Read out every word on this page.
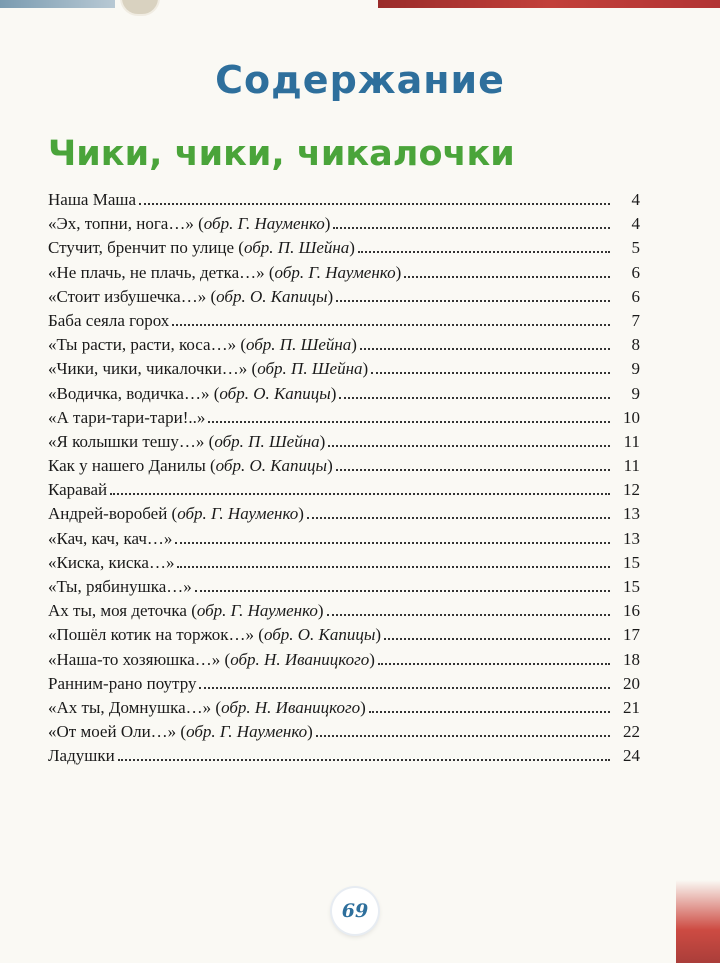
Содержание
Чики, чики, чикалочки
Наша Маша	4
«Эх, топни, нога…» ( обр. Г. Науменко )	4
Стучит, бренчит по улице ( обр. П. Шейна )	5
«Не плачь, не плачь, детка…» ( обр. Г. Науменко )	6
«Стоит избушечка…» ( обр. О. Капицы )	6
Баба сеяла горох	7
«Ты расти, расти, коса…» ( обр. П. Шейна )	8
«Чики, чики, чикалочки…» ( обр. П. Шейна )	9
«Водичка, водичка…» ( обр. О. Капицы )	9
«А тари-тари-тари!..»	10
«Я колышки тешу…» ( обр. П. Шейна )	11
Как у нашего Данилы ( обр. О. Капицы )	11
Каравай	12
Андрей-воробей ( обр. Г. Науменко )	13
«Кач, кач, кач…»	13
«Киска, киска…»	15
«Ты, рябинушка…»	15
Ах ты, моя деточка ( обр. Г. Науменко )	16
«Пошёл котик на торжок…» ( обр. О. Капицы )	17
«Наша-то хозяюшка…» ( обр. Н. Иваницкого )	18
Ранним-рано поутру	20
«Ах ты, Домнушка…» ( обр. Н. Иваницкого )	21
«От моей Оли…» ( обр. Г. Науменко )	22
Ладушки	24
69
